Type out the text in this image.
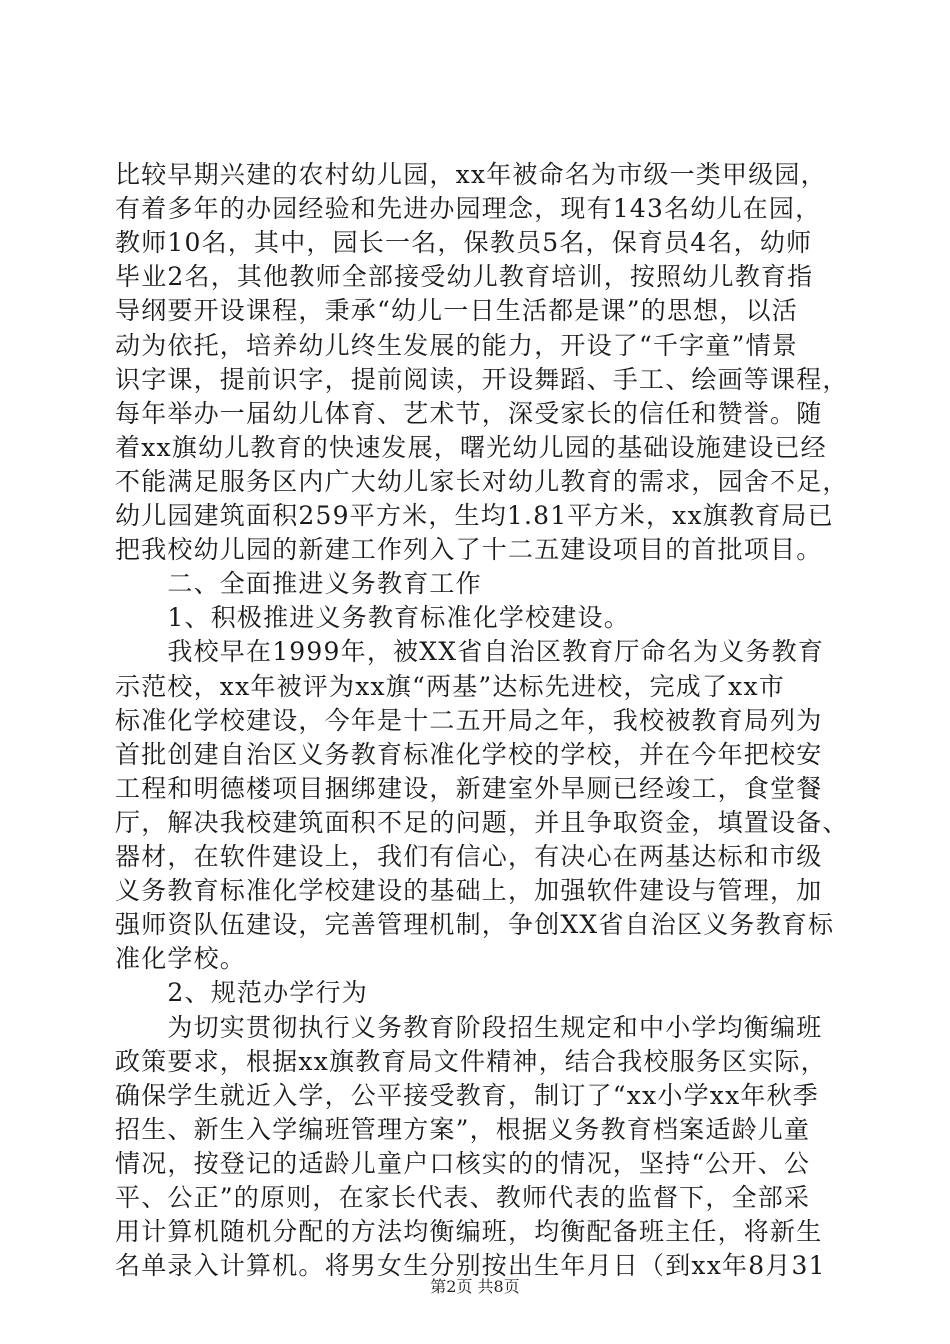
比较早期兴建的农村幼儿园，xx年被命名为市级一类甲级园，
有着多年的办园经验和先进办园理念，现有143名幼儿在园，
教师10名，其中，园长一名，保教员5名，保育员4名，幼师
毕业2名，其他教师全部接受幼儿教育培训，按照幼儿教育指
导纲要开设课程，秉承“幼儿一日生活都是课”的思想，以活
动为依托，培养幼儿终生发展的能力，开设了“千字童”情景
识字课，提前识字，提前阅读，开设舞蹈、手工、绘画等课程，
每年举办一届幼儿体育、艺术节，深受家长的信任和赞誉。随
着xx旗幼儿教育的快速发展，曙光幼儿园的基础设施建设已经
不能满足服务区内广大幼儿家长对幼儿教育的需求，园舍不足，
幼儿园建筑面积259平方米，生均1.81平方米，xx旗教育局已
把我校幼儿园的新建工作列入了十二五建设项目的首批项目。
　　二、全面推进义务教育工作
　　1、积极推进义务教育标准化学校建设。
　　我校早在1999年，被XX省自治区教育厅命名为义务教育
示范校，xx年被评为xx旗“两基”达标先进校，完成了xx市
标准化学校建设，今年是十二五开局之年，我校被教育局列为
首批创建自治区义务教育标准化学校的学校，并在今年把校安
工程和明德楼项目捆绑建设，新建室外旱厕已经竣工，食堂餐
厅，解决我校建筑面积不足的问题，并且争取资金，填置设备、
器材，在软件建设上，我们有信心，有决心在两基达标和市级
义务教育标准化学校建设的基础上，加强软件建设与管理，加
强师资队伍建设，完善管理机制，争创XX省自治区义务教育标
准化学校。
　　2、规范办学行为
　　为切实贯彻执行义务教育阶段招生规定和中小学均衡编班
政策要求，根据xx旗教育局文件精神，结合我校服务区实际，
确保学生就近入学，公平接受教育，制订了“xx小学xx年秋季
招生、新生入学编班管理方案”，根据义务教育档案适龄儿童
情况，按登记的适龄儿童户口核实的的情况，坚持“公开、公
平、公正”的原则，在家长代表、教师代表的监督下，全部采
用计算机随机分配的方法均衡编班，均衡配备班主任，将新生
名单录入计算机。将男女生分别按出生年月日（到xx年8月31
第2页 共8页
